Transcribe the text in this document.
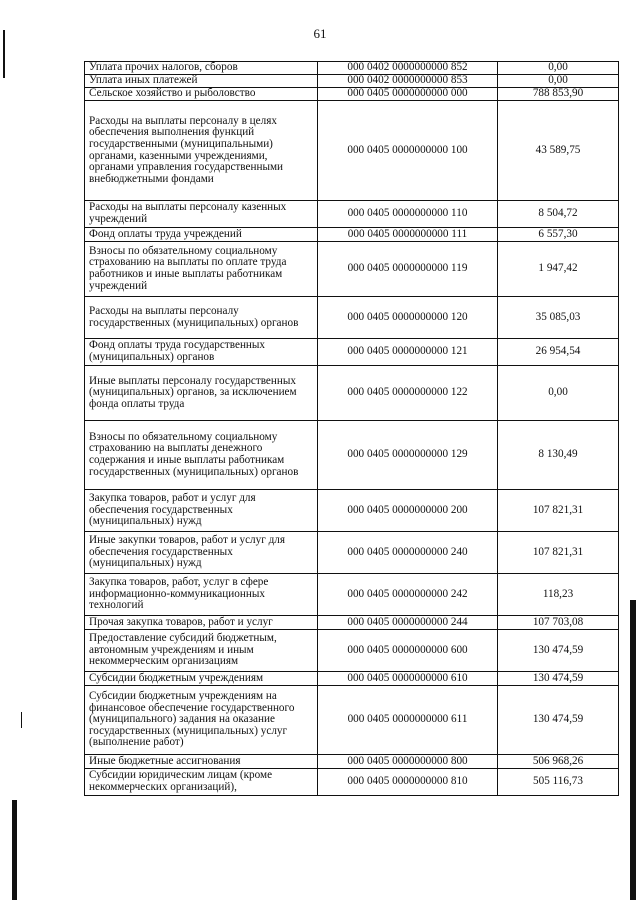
61
Уплата прочих налогов, сборов	000 0402 0000000000 852	0,00
Уплата иных платежей	000 0402 0000000000 853	0,00
Сельское хозяйство и рыболовство	000 0405 0000000000 000	788 853,90
Расходы на выплаты персоналу в целях обеспечения выполнения функций государственными (муниципальными) органами, казенными учреждениями, органами управления государственными внебюджетными фондами	000 0405 0000000000 100	43 589,75
Расходы на выплаты персоналу казенных учреждений	000 0405 0000000000 110	8 504,72
Фонд оплаты труда учреждений	000 0405 0000000000 111	6 557,30
Взносы по обязательному социальному страхованию на выплаты по оплате труда работников и иные выплаты работникам учреждений	000 0405 0000000000 119	1 947,42
Расходы на выплаты персоналу государственных (муниципальных) органов	000 0405 0000000000 120	35 085,03
Фонд оплаты труда государственных (муниципальных) органов	000 0405 0000000000 121	26 954,54
Иные выплаты персоналу государственных (муниципальных) органов, за исключением фонда оплаты труда	000 0405 0000000000 122	0,00
Взносы по обязательному социальному страхованию на выплаты денежного содержания и иные выплаты работникам государственных (муниципальных) органов	000 0405 0000000000 129	8 130,49
Закупка товаров, работ и услуг для обеспечения государственных (муниципальных) нужд	000 0405 0000000000 200	107 821,31
Иные закупки товаров, работ и услуг для обеспечения государственных (муниципальных) нужд	000 0405 0000000000 240	107 821,31
Закупка товаров, работ, услуг в сфере информационно-коммуникационных технологий	000 0405 0000000000 242	118,23
Прочая закупка товаров, работ и услуг	000 0405 0000000000 244	107 703,08
Предоставление субсидий бюджетным, автономным учреждениям и иным некоммерческим организациям	000 0405 0000000000 600	130 474,59
Субсидии бюджетным учреждениям	000 0405 0000000000 610	130 474,59
Субсидии бюджетным учреждениям на финансовое обеспечение государственного (муниципального) задания на оказание государственных (муниципальных) услуг (выполнение работ)	000 0405 0000000000 611	130 474,59
Иные бюджетные ассигнования	000 0405 0000000000 800	506 968,26
Субсидии юридическим лицам (кроме некоммерческих организаций),	000 0405 0000000000 810	505 116,73
